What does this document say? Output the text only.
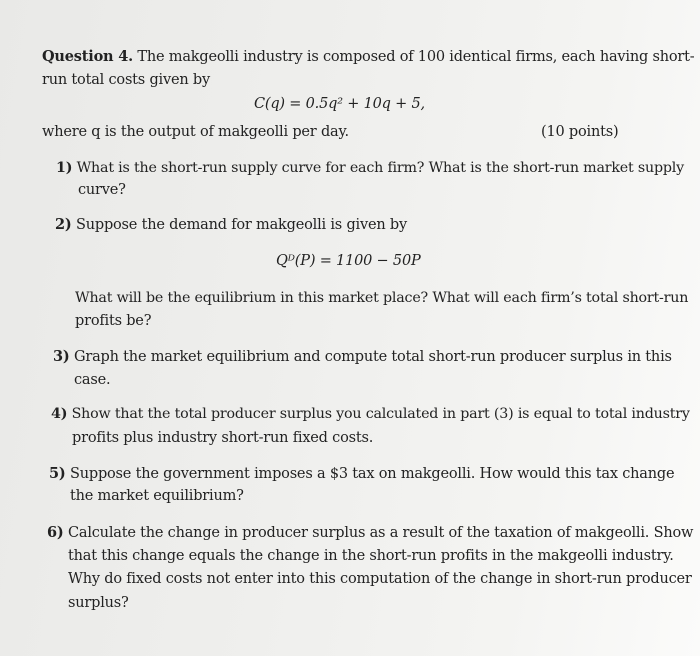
Question 4. The makgeolli industry is composed of 100 identical firms, each having short-
run total costs given by
C(q) = 0.5q² + 10q + 5,
where q is the output of makgeolli per day.	(10 points)
1) What is the short-run supply curve for each firm? What is the short-run market supply
curve?
2) Suppose the demand for makgeolli is given by
Qᴰ(P) = 1100 − 50P
What will be the equilibrium in this market place? What will each firm’s total short-run
profits be?
3) Graph the market equilibrium and compute total short-run producer surplus in this
case.
4) Show that the total producer surplus you calculated in part (3) is equal to total industry
profits plus industry short-run fixed costs.
5) Suppose the government imposes a $3 tax on makgeolli. How would this tax change
the market equilibrium?
6) Calculate the change in producer surplus as a result of the taxation of makgeolli. Show
that this change equals the change in the short-run profits in the makgeolli industry.
Why do fixed costs not enter into this computation of the change in short-run producer
surplus?
